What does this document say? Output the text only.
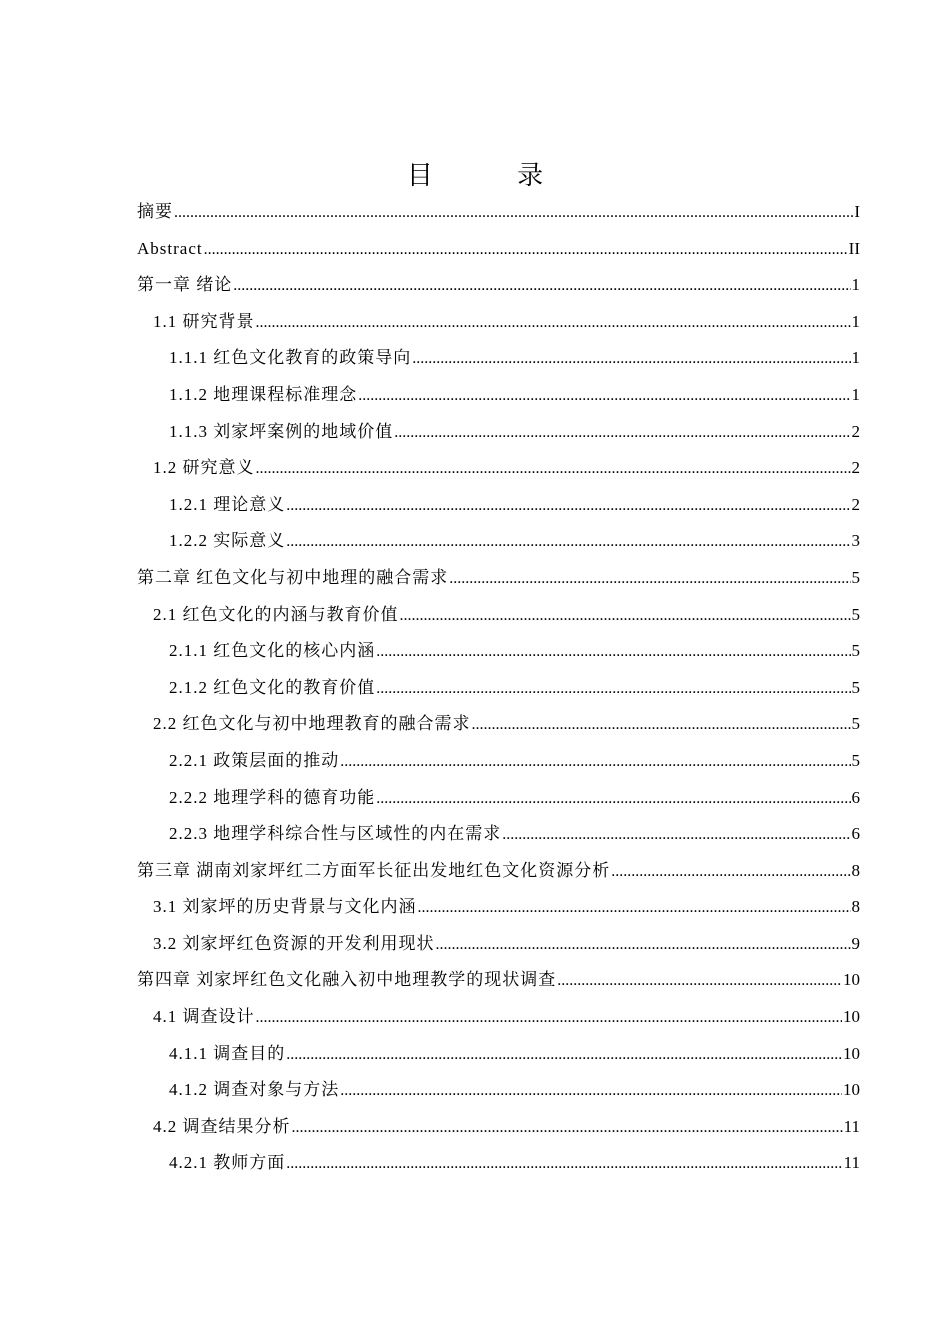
目 录
摘要 .....	I
Abstract .....	II
第一章 绪论 .....	1
1.1 研究背景 .....	1
1.1.1 红色文化教育的政策导向 .....	1
1.1.2 地理课程标准理念 .....	1
1.1.3 刘家坪案例的地域价值 .....	2
1.2 研究意义 .....	2
1.2.1 理论意义 .....	2
1.2.2 实际意义 .....	3
第二章 红色文化与初中地理的融合需求 .....	5
2.1 红色文化的内涵与教育价值 .....	5
2.1.1 红色文化的核心内涵 .....	5
2.1.2 红色文化的教育价值 .....	5
2.2 红色文化与初中地理教育的融合需求 .....	5
2.2.1 政策层面的推动 .....	5
2.2.2 地理学科的德育功能 .....	6
2.2.3 地理学科综合性与区域性的内在需求 .....	6
第三章 湖南刘家坪红二方面军长征出发地红色文化资源分析 .....	8
3.1 刘家坪的历史背景与文化内涵 .....	8
3.2 刘家坪红色资源的开发利用现状 .....	9
第四章 刘家坪红色文化融入初中地理教学的现状调查 .....	10
4.1 调查设计 .....	10
4.1.1 调查目的 .....	10
4.1.2 调查对象与方法 .....	10
4.2 调查结果分析 .....	11
4.2.1 教师方面 .....	11
